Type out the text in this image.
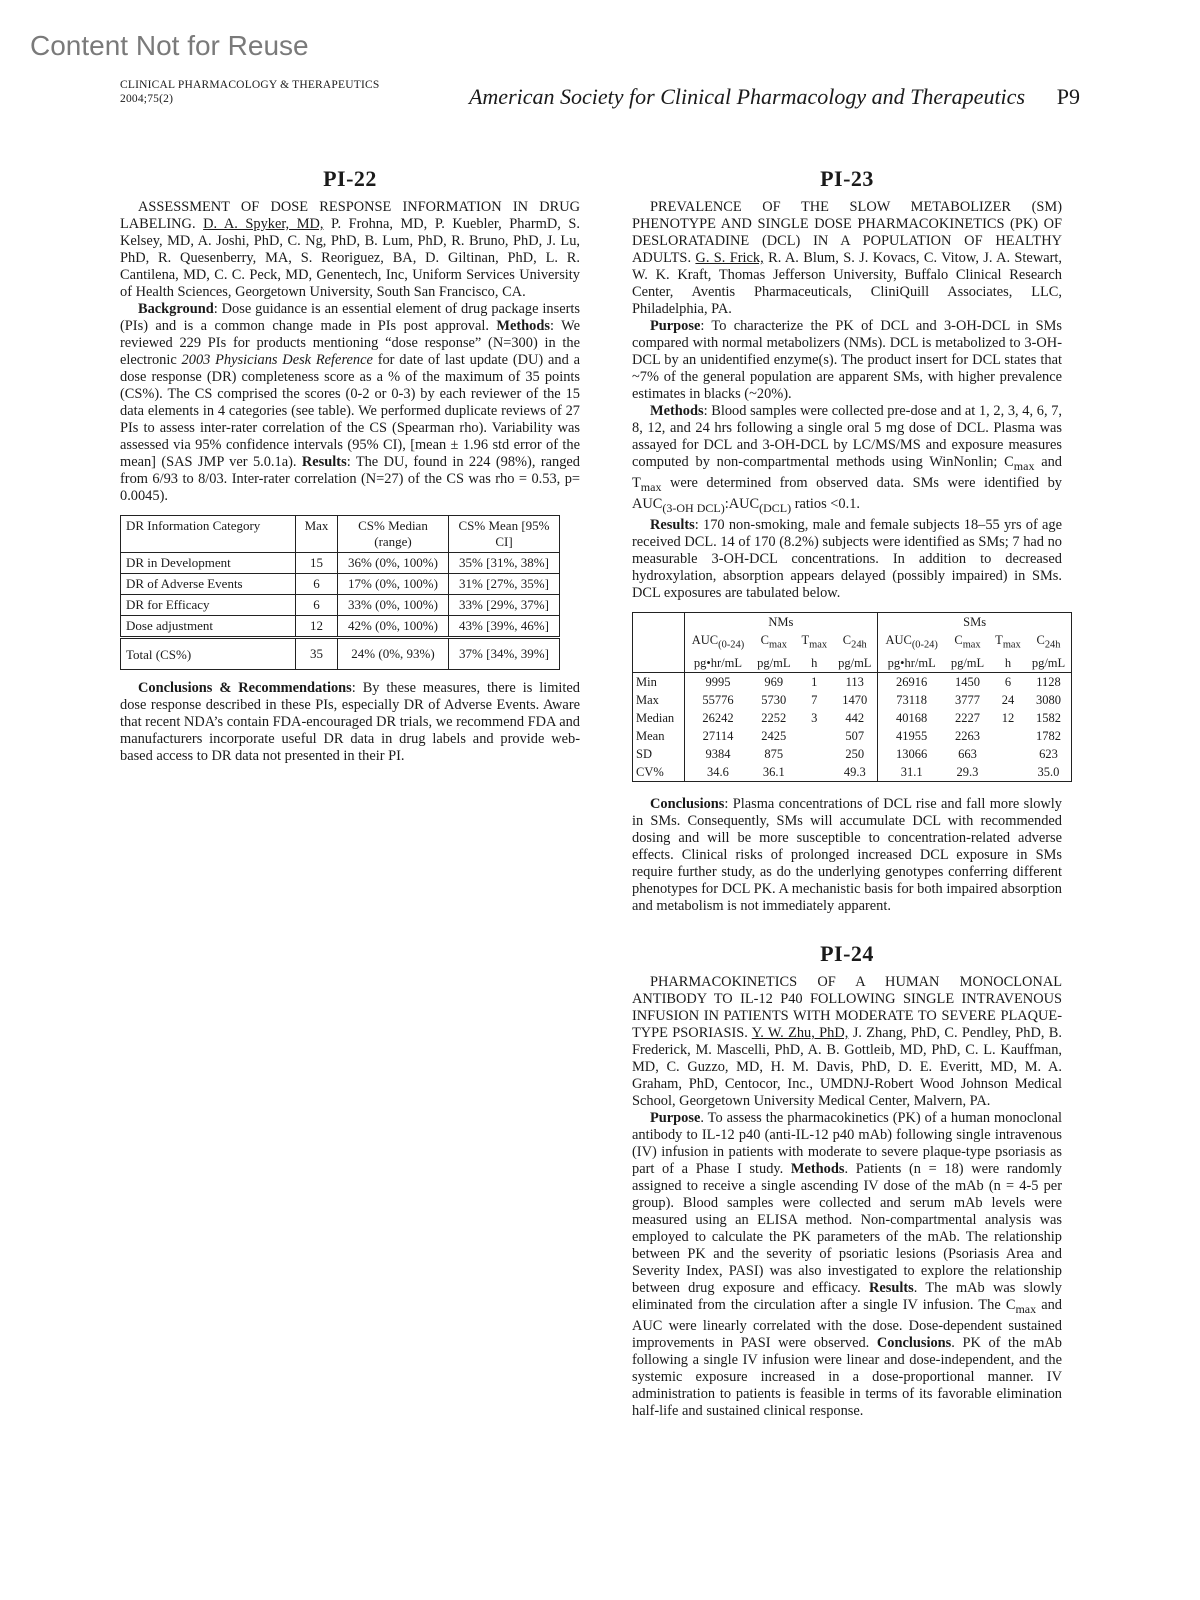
Content Not for Reuse
CLINICAL PHARMACOLOGY & THERAPEUTICS
2004;75(2)	American Society for Clinical Pharmacology and Therapeutics P9
PI-22

ASSESSMENT OF DOSE RESPONSE INFORMATION IN DRUG LABELING. D. A. Spyker, MD, P. Frohna, MD, P. Kuebler, PharmD, S. Kelsey, MD, A. Joshi, PhD, C. Ng, PhD, B. Lum, PhD, R. Bruno, PhD, J. Lu, PhD, R. Quesenberry, MA, S. Reoriguez, BA, D. Giltinan, PhD, L. R. Cantilena, MD, C. C. Peck, MD, Genentech, Inc, Uniform Services University of Health Sciences, Georgetown University, South San Francisco, CA.

Background: Dose guidance is an essential element of drug package inserts (PIs) and is a common change made in PIs post approval. Methods: We reviewed 229 PIs for products mentioning “dose response” (N=300) in the electronic 2003 Physicians Desk Reference for date of last update (DU) and a dose response (DR) completeness score as a % of the maximum of 35 points (CS%). The CS comprised the scores (0-2 or 0-3) by each reviewer of the 15 data elements in 4 categories (see table). We performed duplicate reviews of 27 PIs to assess inter-rater correlation of the CS (Spearman rho). Variability was assessed via 95% confidence intervals (95% CI), [mean ± 1.96 std error of the mean] (SAS JMP ver 5.0.1a). Results: The DU, found in 224 (98%), ranged from 6/93 to 8/03. Inter-rater correlation (N=27) of the CS was rho = 0.53, p= 0.0045).

DR Information Category	Max	CS% Median (range)	CS% Mean [95% CI]
DR in Development	15	36% (0%, 100%)	35% [31%, 38%]
DR of Adverse Events	6	17% (0%, 100%)	31% [27%, 35%]
DR for Efficacy	6	33% (0%, 100%)	33% [29%, 37%]
Dose adjustment	12	42% (0%, 100%)	43% [39%, 46%]
Total (CS%)	35	24% (0%, 93%)	37% [34%, 39%]

Conclusions & Recommendations: By these measures, there is limited dose response described in these PIs, especially DR of Adverse Events. Aware that recent NDA’s contain FDA-encouraged DR trials, we recommend FDA and manufacturers incorporate useful DR data in drug labels and provide web-based access to DR data not presented in their PI.

PI-23

PREVALENCE OF THE SLOW METABOLIZER (SM) PHENOTYPE AND SINGLE DOSE PHARMACOKINETICS (PK) OF DESLORATADINE (DCL) IN A POPULATION OF HEALTHY ADULTS. G. S. Frick, R. A. Blum, S. J. Kovacs, C. Vitow, J. A. Stewart, W. K. Kraft, Thomas Jefferson University, Buffalo Clinical Research Center, Aventis Pharmaceuticals, CliniQuill Associates, LLC, Philadelphia, PA.

Purpose: To characterize the PK of DCL and 3-OH-DCL in SMs compared with normal metabolizers (NMs). DCL is metabolized to 3-OH-DCL by an unidentified enzyme(s). The product insert for DCL states that ~7% of the general population are apparent SMs, with higher prevalence estimates in blacks (~20%).

Methods: Blood samples were collected pre-dose and at 1, 2, 3, 4, 6, 7, 8, 12, and 24 hrs following a single oral 5 mg dose of DCL. Plasma was assayed for DCL and 3-OH-DCL by LC/MS/MS and exposure measures computed by non-compartmental methods using WinNonlin; $C_{max}$ and $T_{max}$ were determined from observed data. SMs were identified by $AUC_{(3-OH DCL)}:AUC_{(DCL)}$ ratios <0.1.

Results: 170 non-smoking, male and female subjects 18–55 yrs of age received DCL. 14 of 170 (8.2%) subjects were identified as SMs; 7 had no measurable 3-OH-DCL concentrations. In addition to decreased hydroxylation, absorption appears delayed (possibly impaired) in SMs. DCL exposures are tabulated below.

	NMs				SMs			
	$AUC_{(0-24)}$	$C_{max}$	$T_{max}$	$C_{24h}$	$AUC_{(0-24)}$	$C_{max}$	$T_{max}$	$C_{24h}$
	pg•hr/mL	pg/mL	h	pg/mL	pg•hr/mL	pg/mL	h	pg/mL
Min	9995	969	1	113	26916	1450	6	1128
Max	55776	5730	7	1470	73118	3777	24	3080
Median	26242	2252	3	442	40168	2227	12	1582
Mean	27114	2425		507	41955	2263		1782
SD	9384	875		250	13066	663		623
CV%	34.6	36.1		49.3	31.1	29.3		35.0

Conclusions: Plasma concentrations of DCL rise and fall more slowly in SMs. Consequently, SMs will accumulate DCL with recommended dosing and will be more susceptible to concentration-related adverse effects. Clinical risks of prolonged increased DCL exposure in SMs require further study, as do the underlying genotypes conferring different phenotypes for DCL PK. A mechanistic basis for both impaired absorption and metabolism is not immediately apparent.

PI-24

PHARMACOKINETICS OF A HUMAN MONOCLONAL ANTIBODY TO IL-12 P40 FOLLOWING SINGLE INTRAVENOUS INFUSION IN PATIENTS WITH MODERATE TO SEVERE PLAQUE-TYPE PSORIASIS. Y. W. Zhu, PhD, J. Zhang, PhD, C. Pendley, PhD, B. Frederick, M. Mascelli, PhD, A. B. Gottleib, MD, PhD, C. L. Kauffman, MD, C. Guzzo, MD, H. M. Davis, PhD, D. E. Everitt, MD, M. A. Graham, PhD, Centocor, Inc., UMDNJ-Robert Wood Johnson Medical School, Georgetown University Medical Center, Malvern, PA.

Purpose. To assess the pharmacokinetics (PK) of a human monoclonal antibody to IL-12 p40 (anti-IL-12 p40 mAb) following single intravenous (IV) infusion in patients with moderate to severe plaque-type psoriasis as part of a Phase I study. Methods. Patients (n = 18) were randomly assigned to receive a single ascending IV dose of the mAb (n = 4-5 per group). Blood samples were collected and serum mAb levels were measured using an ELISA method. Non-compartmental analysis was employed to calculate the PK parameters of the mAb. The relationship between PK and the severity of psoriatic lesions (Psoriasis Area and Severity Index, PASI) was also investigated to explore the relationship between drug exposure and efficacy. Results. The mAb was slowly eliminated from the circulation after a single IV infusion. The $C_{max}$ and AUC were linearly correlated with the dose. Dose-dependent sustained improvements in PASI were observed. Conclusions. PK of the mAb following a single IV infusion were linear and dose-independent, and the systemic exposure increased in a dose-proportional manner. IV administration to patients is feasible in terms of its favorable elimination half-life and sustained clinical response.
